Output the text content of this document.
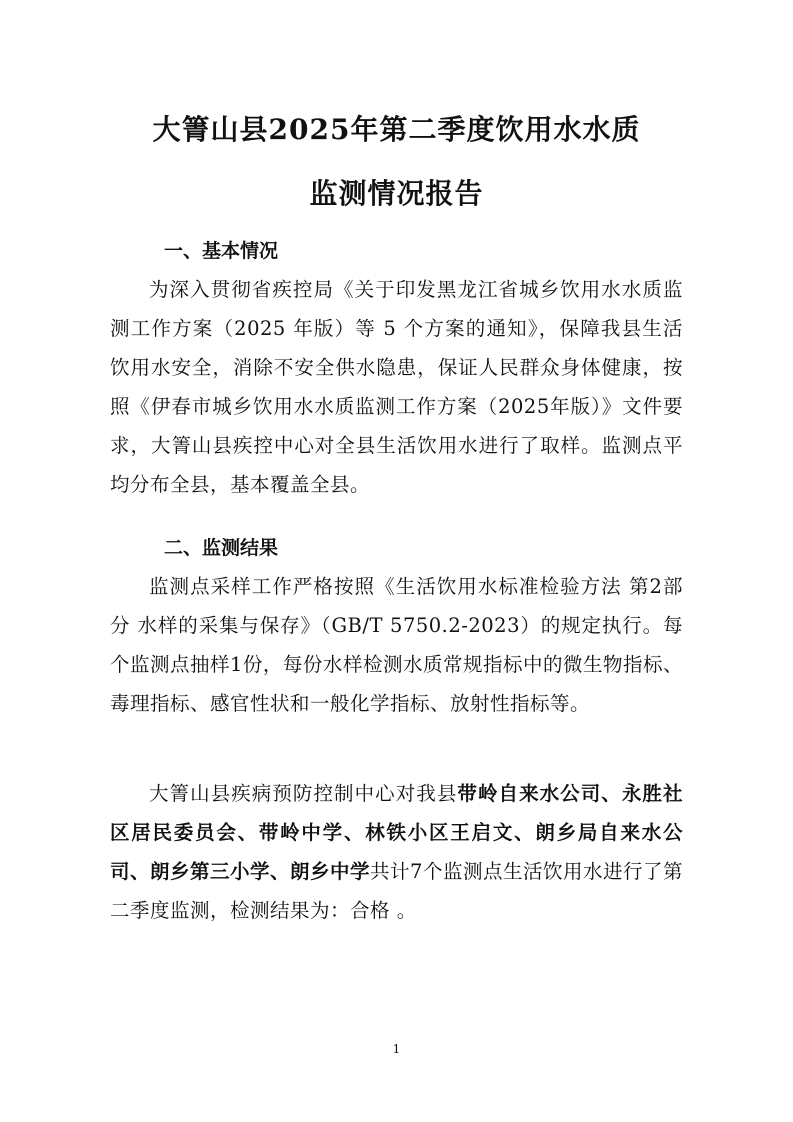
大箐山县2025年第二季度饮用水水质
监测情况报告
一、基本情况

为深入贯彻省疾控局《关于印发黑龙江省城乡饮用水水质监测工作方案（2025 年版）等 5 个方案的通知》，保障我县生活饮用水安全，消除不安全供水隐患，保证人民群众身体健康，按照《伊春市城乡饮用水水质监测工作方案（2025年版）》文件要求，大箐山县疾控中心对全县生活饮用水进行了取样。监测点平均分布全县，基本覆盖全县。

二、监测结果

监测点采样工作严格按照《生活饮用水标准检验方法 第2部分 水样的采集与保存》（GB/T 5750.2-2023）的规定执行。每个监测点抽样1份，每份水样检测水质常规指标中的微生物指标、毒理指标、感官性状和一般化学指标、放射性指标等。

大箐山县疾病预防控制中心对我县带岭自来水公司、永胜社区居民委员会、带岭中学、林铁小区王启文、朗乡局自来水公司、朗乡第三小学、朗乡中学共计7个监测点生活饮用水进行了第二季度监测，检测结果为：合格 。

1
